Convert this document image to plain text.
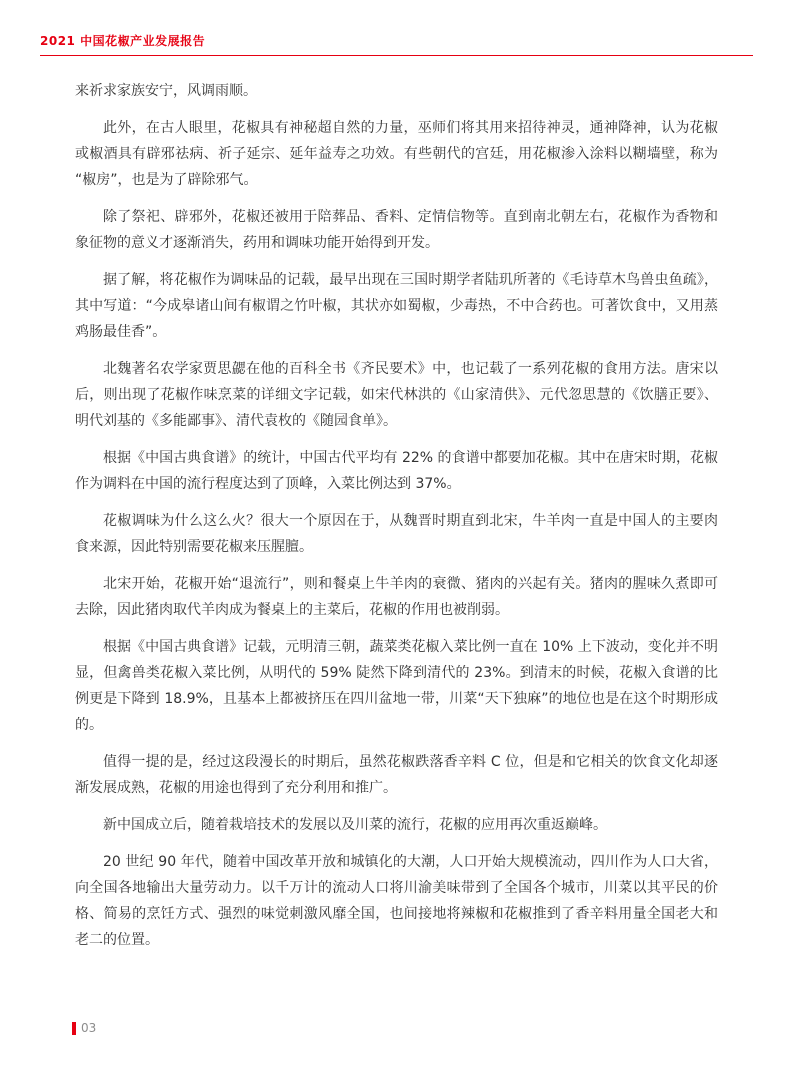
2021 中国花椒产业发展报告

来祈求家族安宁，风调雨顺。

此外，在古人眼里，花椒具有神秘超自然的力量，巫师们将其用来招待神灵，通神降神，认为花椒或椒酒具有辟邪祛病、祈子延宗、延年益寿之功效。有些朝代的宫廷，用花椒渗入涂料以糊墙壁，称为 “椒房”，也是为了辟除邪气。

除了祭祀、辟邪外，花椒还被用于陪葬品、香料、定情信物等。直到南北朝左右，花椒作为香物和象征物的意义才逐渐消失，药用和调味功能开始得到开发。

据了解，将花椒作为调味品的记载，最早出现在三国时期学者陆玑所著的《毛诗草木鸟兽虫鱼疏》，其中写道：“今成皋诸山间有椒谓之竹叶椒，其状亦如蜀椒，少毒热，不中合药也。可著饮食中，又用蒸鸡肠最佳香”。

北魏著名农学家贾思勰在他的百科全书《齐民要术》中，也记载了一系列花椒的食用方法。唐宋以后，则出现了花椒作味烹菜的详细文字记载，如宋代林洪的《山家清供》、元代忽思慧的《饮膳正要》、明代刘基的《多能鄙事》、清代袁枚的《随园食单》。

根据《中国古典食谱》的统计，中国古代平均有 22% 的食谱中都要加花椒。其中在唐宋时期，花椒作为调料在中国的流行程度达到了顶峰，入菜比例达到 37%。

花椒调味为什么这么火？很大一个原因在于，从魏晋时期直到北宋，牛羊肉一直是中国人的主要肉食来源，因此特别需要花椒来压腥膻。

北宋开始，花椒开始“退流行”，则和餐桌上牛羊肉的衰微、猪肉的兴起有关。猪肉的腥味久煮即可去除，因此猪肉取代羊肉成为餐桌上的主菜后，花椒的作用也被削弱。

根据《中国古典食谱》记载，元明清三朝，蔬菜类花椒入菜比例一直在 10% 上下波动，变化并不明显，但禽兽类花椒入菜比例，从明代的 59% 陡然下降到清代的 23%。到清末的时候，花椒入食谱的比例更是下降到 18.9%，且基本上都被挤压在四川盆地一带，川菜“天下独麻”的地位也是在这个时期形成的。

值得一提的是，经过这段漫长的时期后，虽然花椒跌落香辛料 C 位，但是和它相关的饮食文化却逐渐发展成熟，花椒的用途也得到了充分利用和推广。

新中国成立后，随着栽培技术的发展以及川菜的流行，花椒的应用再次重返巅峰。

20 世纪 90 年代，随着中国改革开放和城镇化的大潮，人口开始大规模流动，四川作为人口大省，向全国各地输出大量劳动力。以千万计的流动人口将川渝美味带到了全国各个城市，川菜以其平民的价格、简易的烹饪方式、强烈的味觉刺激风靡全国，也间接地将辣椒和花椒推到了香辛料用量全国老大和老二的位置。

03
